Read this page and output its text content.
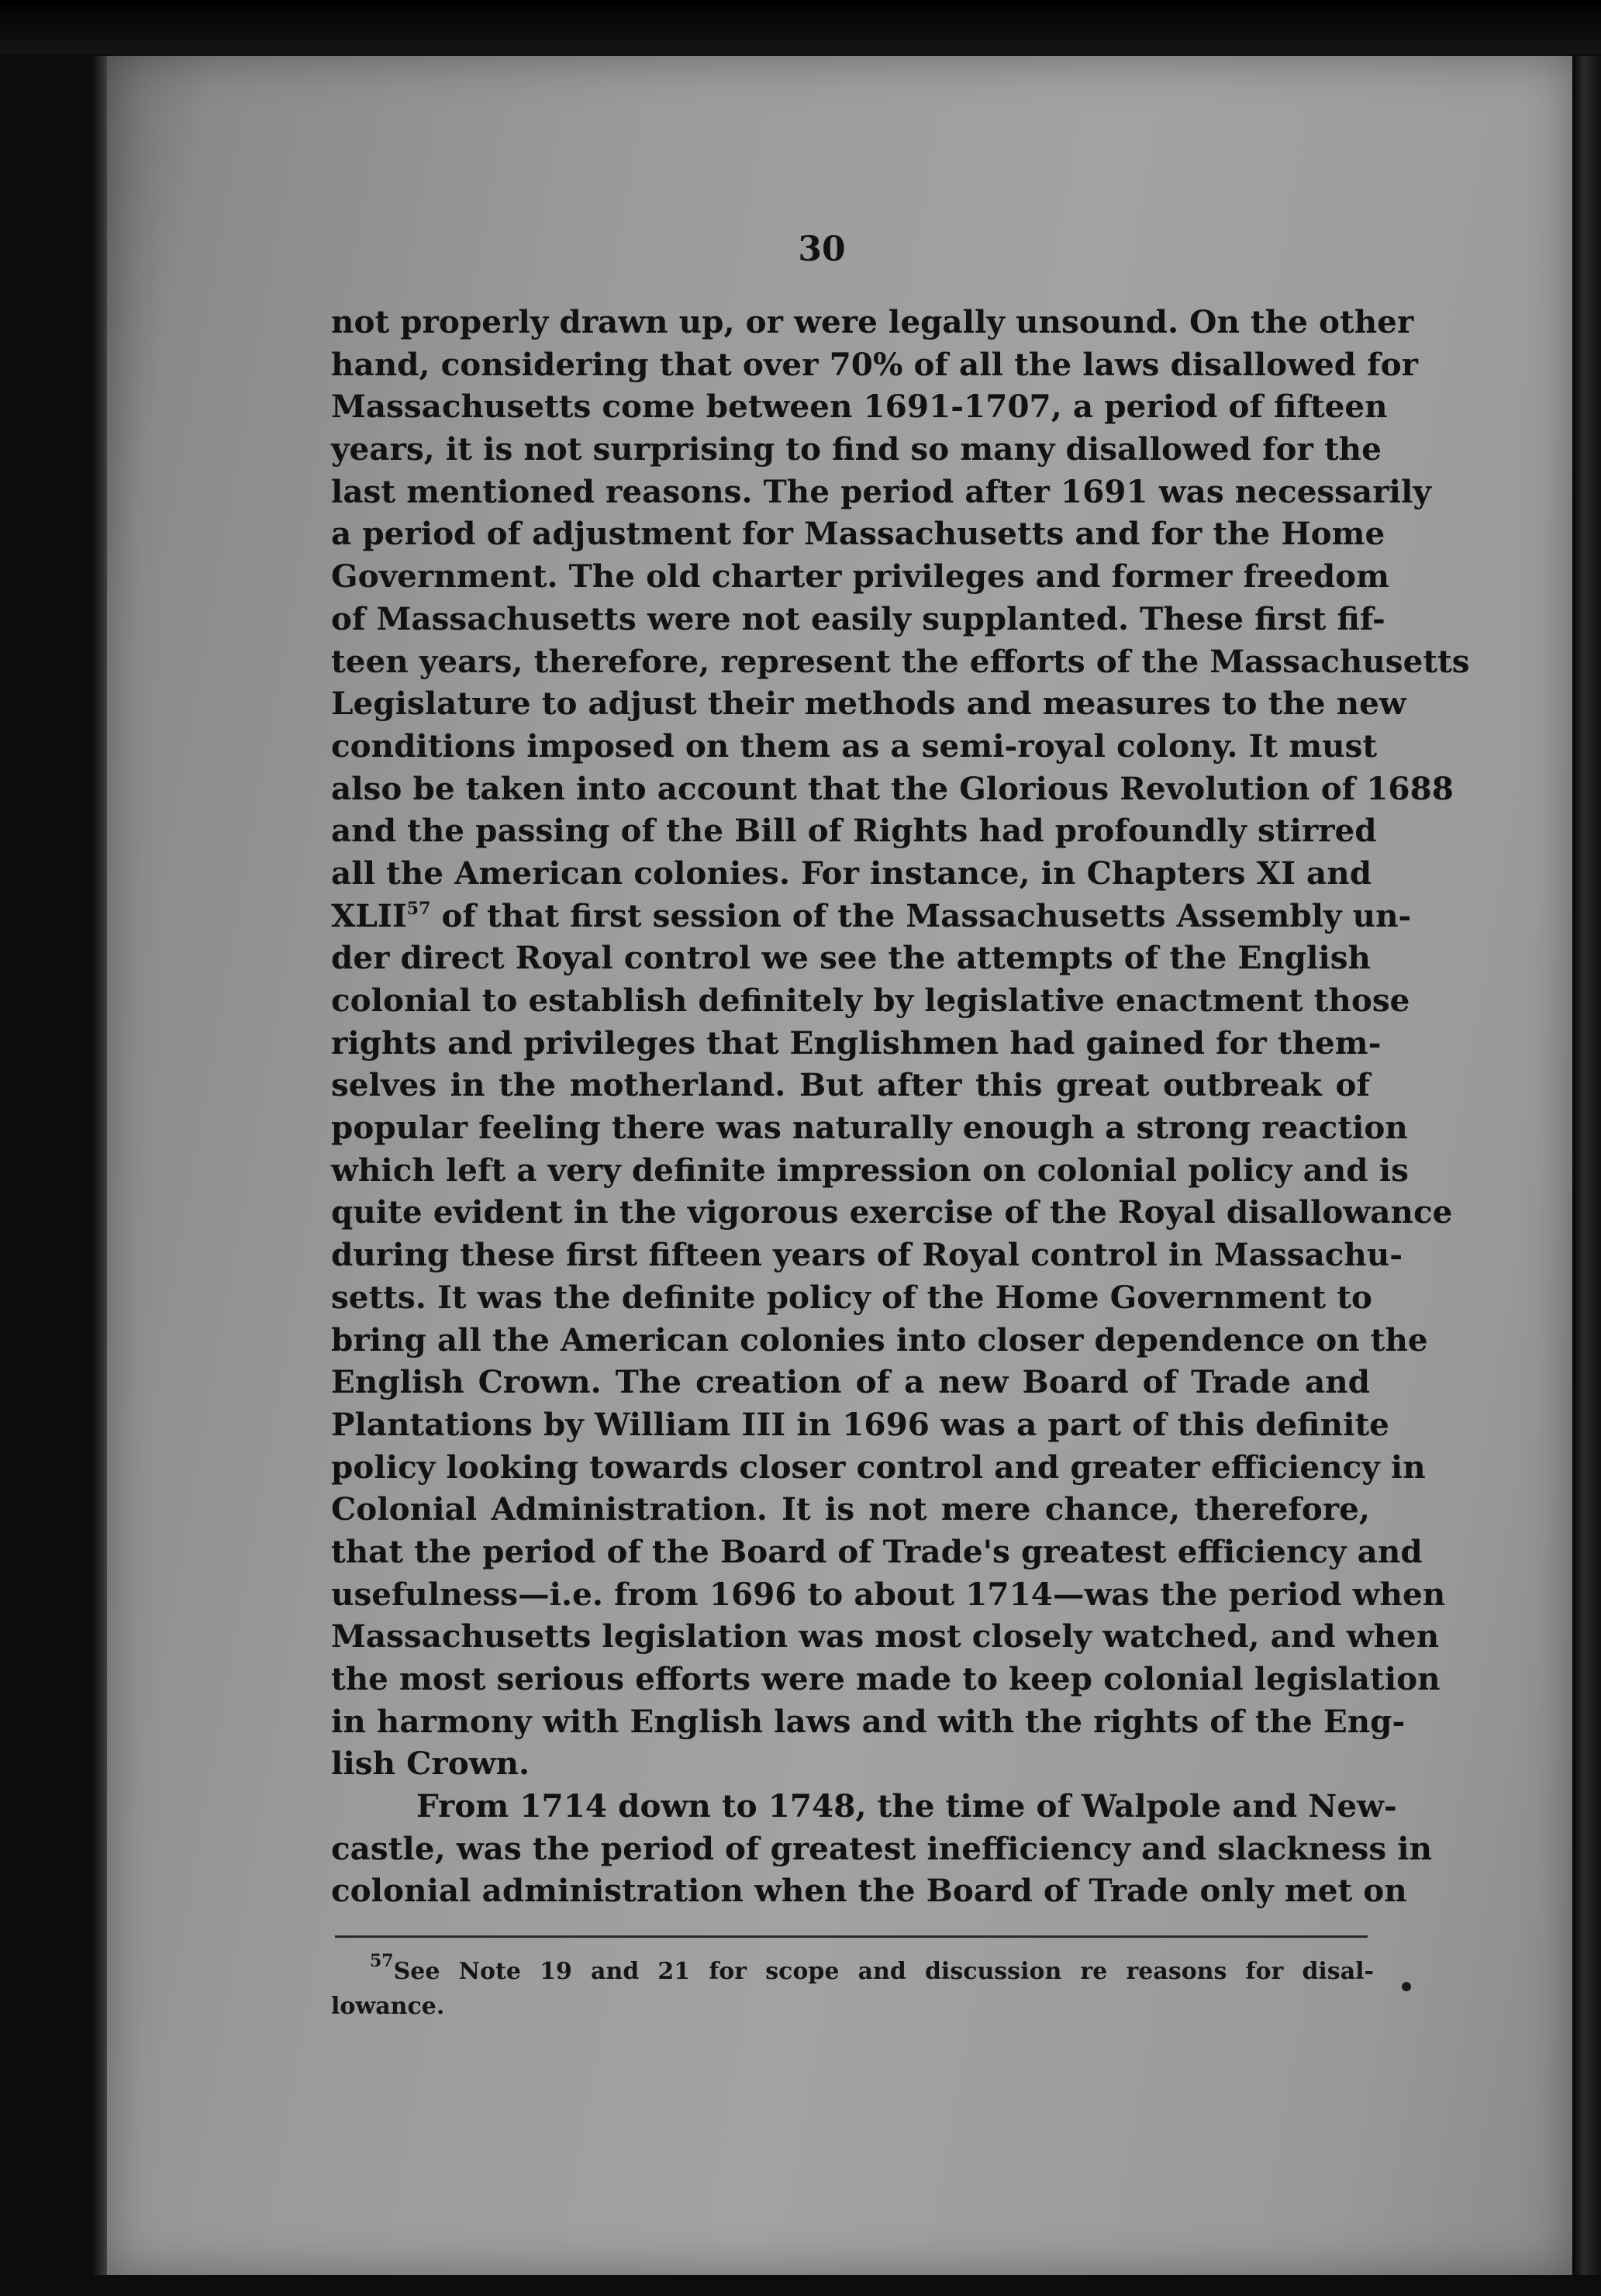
30
not properly drawn up, or were legally unsound. On the other
hand, considering that over 70% of all the laws disallowed for
Massachusetts come between 1691-1707, a period of fifteen
years, it is not surprising to find so many disallowed for the
last mentioned reasons. The period after 1691 was necessarily
a period of adjustment for Massachusetts and for the Home
Government. The old charter privileges and former freedom
of Massachusetts were not easily supplanted. These first fif-
teen years, therefore, represent the efforts of the Massachusetts
Legislature to adjust their methods and measures to the new
conditions imposed on them as a semi-royal colony. It must
also be taken into account that the Glorious Revolution of 1688
and the passing of the Bill of Rights had profoundly stirred
all the American colonies. For instance, in Chapters XI and
XLII$^{57}$ of that first session of the Massachusetts Assembly un-
der direct Royal control we see the attempts of the English
colonial to establish definitely by legislative enactment those
rights and privileges that Englishmen had gained for them-
selves in the motherland. But after this great outbreak of
popular feeling there was naturally enough a strong reaction
which left a very definite impression on colonial policy and is
quite evident in the vigorous exercise of the Royal disallowance
during these first fifteen years of Royal control in Massachu-
setts. It was the definite policy of the Home Government to
bring all the American colonies into closer dependence on the
English Crown. The creation of a new Board of Trade and
Plantations by William III in 1696 was a part of this definite
policy looking towards closer control and greater efficiency in
Colonial Administration. It is not mere chance, therefore,
that the period of the Board of Trade's greatest efficiency and
usefulness—i.e. from 1696 to about 1714—was the period when
Massachusetts legislation was most closely watched, and when
the most serious efforts were made to keep colonial legislation
in harmony with English laws and with the rights of the Eng-
lish Crown.
From 1714 down to 1748, the time of Walpole and New-
castle, was the period of greatest inefficiency and slackness in
colonial administration when the Board of Trade only met on
$^{57}$See Note 19 and 21 for scope and discussion re reasons for disal-
lowance.
